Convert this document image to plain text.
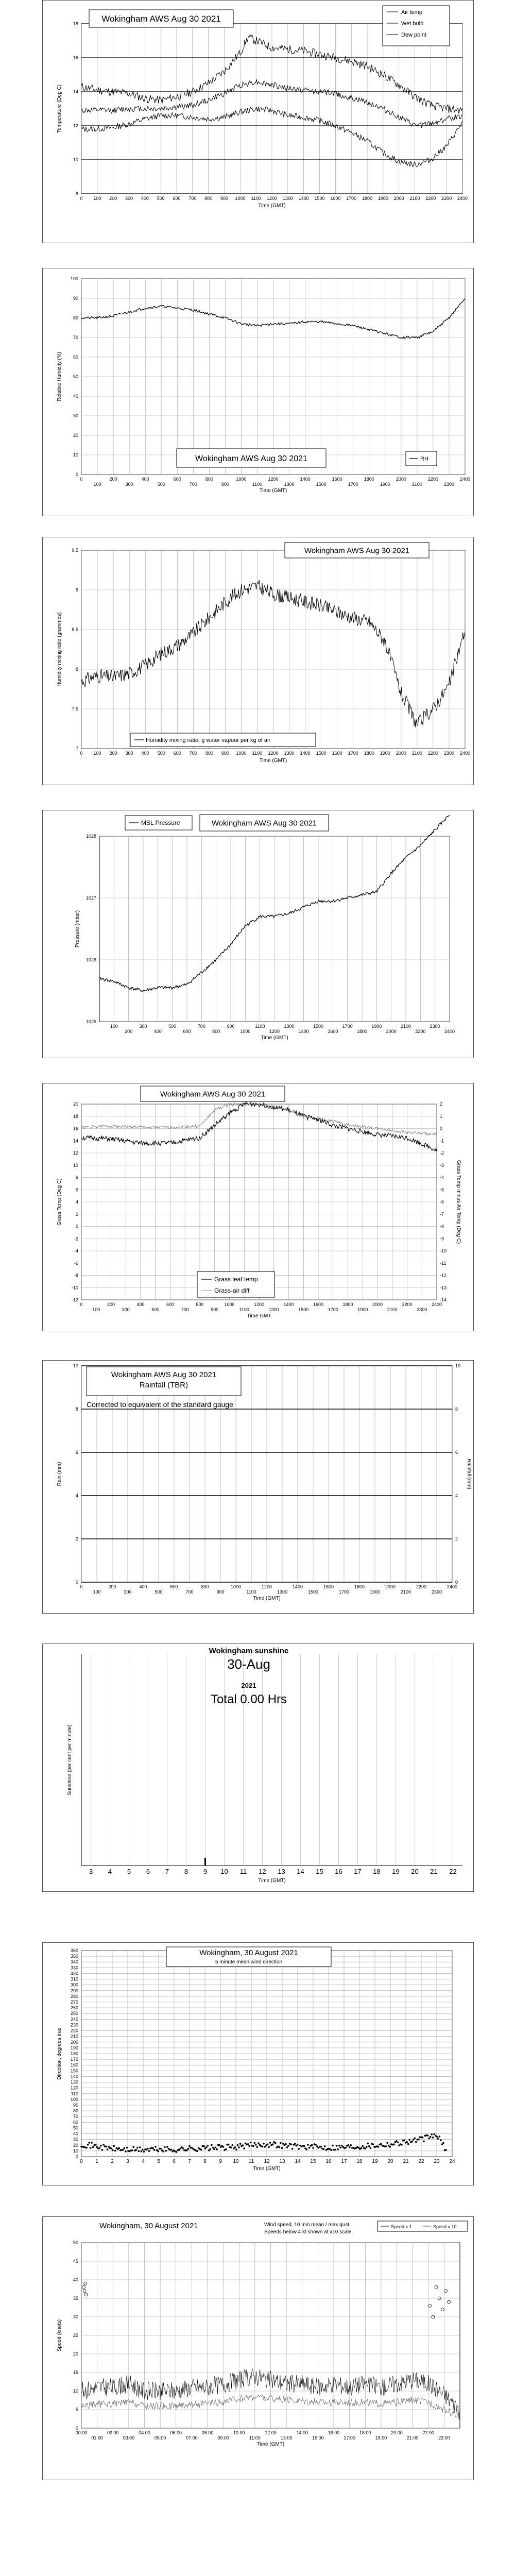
0 100 200 300 400 500 600 700 800 900 1000 1100 1200 1300 1400 1500 1600 1700 1800 1900 2000 2100 2200 2300 2400
8
10
12
14
16
18
Time (GMT)
Temperature (Deg C)
Wokingham AWS Aug 30 2021
Air temp
Wet bulb
Dew point
0
100
200
300
400
500
600
700
800
900
1000
1100
1200
1300
1400
1500
1600
1700
1800
1900
2000
2100
2200
2300
2400
0
10
20
30
40
50
60
70
80
90
100
Time (GMT)
Relative Humidity (%)
Wokingham AWS Aug 30 2021	RH
0 100 200 300 400 500 600 700 800 900 1000 1100 1200 1300 1400 1500 1600 1700 1800 1900 2000 2100 2200 2300 2400
7
7.5
8
8.5
9
9.5
Time (GMT)
Humidity mixing ratio (grammes)
Wokingham AWS Aug 30 2021
Humidity mixing ratio, g water vapour per kg of air
100
200
300
400
500
600
700
800
900
1000
1100
1200
1300
1400
1500
1600
1700
1800
1900
2000
2100
2200
2300
2400
1025
1026
1027
1028
Time (GMT)
Pressure (mbar)
MSL Pressure	Wokingham AWS Aug 30 2021
0
100
200
300
400
500
600
700
800
900
1000
1100
1200
1300
1400
1500
1600
1700
1800
1900
2000
2100
2200
2300
2400
20
18
16
14
12
10
8
6
4
2
0
-2
-4
-6
-8
-10
-12
Time GMT
Grass Temp (Deg C)
2
1
0
-1
-2
-3
-4
-5
-6
-7
-8
-9
-10
-11
-12
-13
-14
Grass Temp minus Air Temp (Deg C)
Wokingham AWS Aug 30 2021
Grass leaf temp
Grass-air diff
0
100
200
300
400
500
600
700
800
900
1000
1100
1200
1300
1400
1500
1600
1700
1800
1900
2000
2100
2200
2300
2400
0
2
4
6
8
10
Time (GMT)
Rain (mm)
0
2
4
6
8
10
Rainfall (mm)
Wokingham AWS Aug 30 2021
Rainfall (TBR)
Corrected to equivalent of the standard gauge
3 4 5 6 7 8 9 10 11 12 13 14 15 16 17 18 19 20 21 22
Time (GMT)
Sunshine (per cent per minute)
Wokingham sunshine
30-Aug
2021
Total 0.00 Hrs
0 1 2 3 4 5 6 7 8 9 10 11 12 13 14 15 16 17 18 19 20 21 22 23 24
0
10
20
30
40
50
60
70
80
90
100
110
120
130
140
150
160
170
180
190
200
210
220
230
240
250
260
270
280
290
300
310
320
330
340
350
360
Time (GMT)
Direction, degrees true
Wokingham, 30 August 2021
5 minute mean wind direction
00:00
01:00
02:00
03:00
04:00
05:00
06:00
07:00
08:00
09:00
10:00
11:00
12:00
13:00
14:00
15:00
16:00
17:00
18:00
19:00
20:00
21:00
22:00
23:00
0
5
10
15
20
25
30
35
40
45
50
Time (GMT)
Speed (knots)
Wokingham, 30 August 2021	Wind speed, 10 min mean / max gust
Speeds below 4 kt shown at x10 scale
Speed x 1	Speed x 10
